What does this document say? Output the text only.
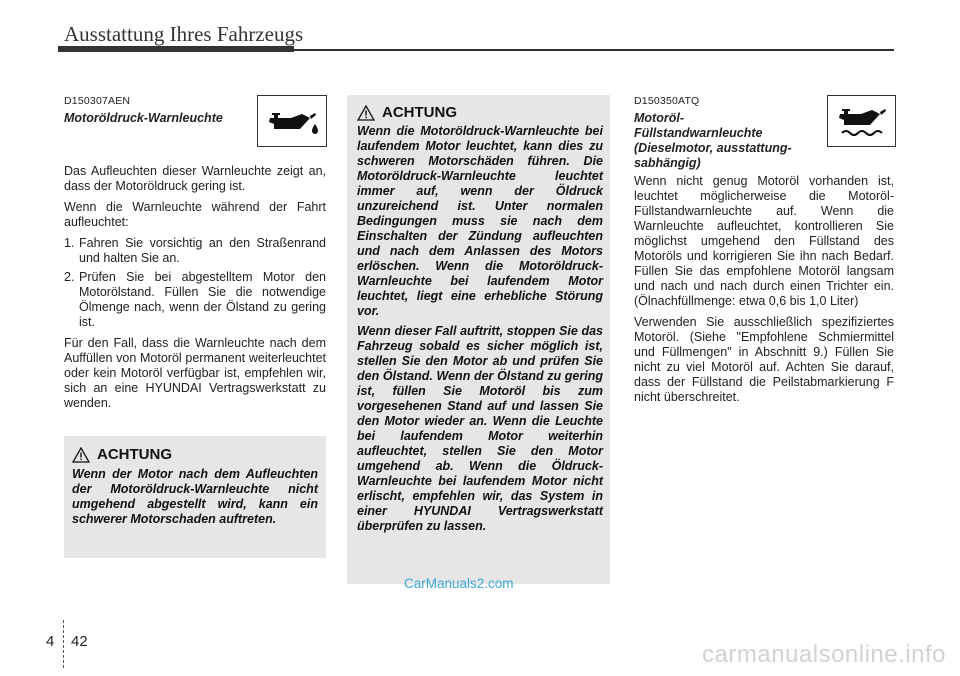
Ausstattung Ihres Fahrzeugs
D150307AEN
Motoröldruck-Warnleuchte

Das Aufleuchten dieser Warnleuchte zeigt an, dass der Motoröldruck gering ist.

Wenn die Warnleuchte während der Fahrt aufleuchtet:

1. Fahren Sie vorsichtig an den Straßenrand und halten Sie an.
2. Prüfen Sie bei abgestelltem Motor den Motorölstand. Füllen Sie die notwendige Ölmenge nach, wenn der Ölstand zu gering ist.

Für den Fall, dass die Warnleuchte nach dem Auffüllen von Motoröl permanent weiterleuchtet oder kein Motoröl verfügbar ist, empfehlen wir, sich an eine HYUNDAI Vertragswerkstatt zu wenden.

ACHTUNG
Wenn der Motor nach dem Aufleuchten der Motoröldruck-Warnleuchte nicht umgehend abgestellt wird, kann ein schwerer Motorschaden auftreten.
ACHTUNG

Wenn die Motoröldruck-Warnleuchte bei laufendem Motor leuchtet, kann dies zu schweren Motorschäden führen. Die Motoröldruck-Warnleuchte leuchtet immer auf, wenn der Öldruck unzureichend ist. Unter normalen Bedingungen muss sie nach dem Einschalten der Zündung aufleuchten und nach dem Anlassen des Motors erlöschen. Wenn die Motoröldruck-Warnleuchte bei laufendem Motor leuchtet, liegt eine erhebliche Störung vor.

Wenn dieser Fall auftritt, stoppen Sie das Fahrzeug sobald es sicher möglich ist, stellen Sie den Motor ab und prüfen Sie den Ölstand. Wenn der Ölstand zu gering ist, füllen Sie Motoröl bis zum vorgesehenen Stand auf und lassen Sie den Motor wieder an. Wenn die Leuchte bei laufendem Motor weiterhin aufleuchtet, stellen Sie den Motor umgehend ab. Wenn die Öldruck-Warnleuchte bei laufendem Motor nicht erlischt, empfehlen wir, das System in einer HYUNDAI Vertragswerkstatt überprüfen zu lassen.

D150350ATQ
Motoröl-Füllstandwarnleuchte (Dieselmotor, ausstattung-sabhängig)

Wenn nicht genug Motoröl vorhanden ist, leuchtet möglicherweise die Motoröl-Füllstandwarnleuchte auf. Wenn die Warnleuchte aufleuchtet, kontrollieren Sie möglichst umgehend den Füllstand des Motoröls und korrigieren Sie ihn nach Bedarf. Füllen Sie das empfohlene Motoröl langsam und nach und nach durch einen Trichter ein. (Ölnachfüllmenge: etwa 0,6 bis 1,0 Liter)

Verwenden Sie ausschließlich spezifiziertes Motoröl. (Siehe "Empfohlene Schmiermittel und Füllmengen" in Abschnitt 9.) Füllen Sie nicht zu viel Motoröl auf. Achten Sie darauf, dass der Füllstand die Peilstabmarkierung F nicht überschreitet.

CarManuals2.com
4 42	carmanualsonline.info
